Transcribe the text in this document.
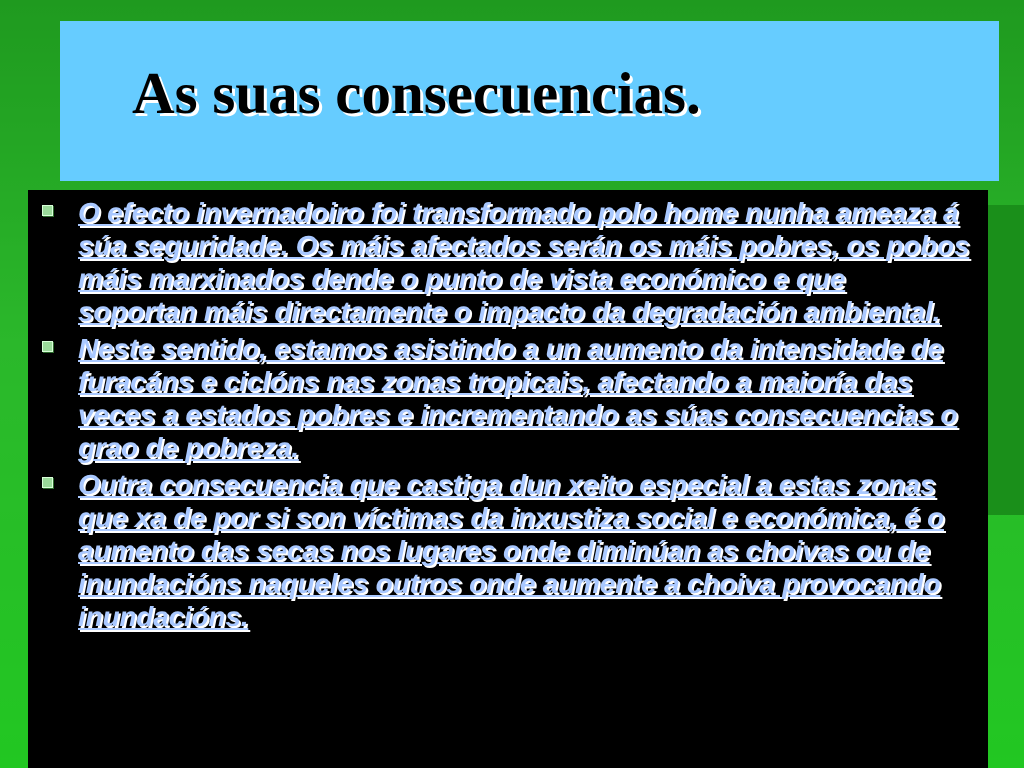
As suas consecuencias.
O efecto invernadoiro foi transformado polo home nunha ameaza á súa seguridade. Os máis afectados serán os máis pobres, os pobos máis marxinados dende o punto de vista económico e que soportan máis directamente o impacto da degradación ambiental.
Neste sentido, estamos asistindo a un aumento da intensidade de furacáns e ciclóns nas zonas tropicais, afectando a maioría das veces a estados pobres e incrementando as súas consecuencias o grao de pobreza.
Outra consecuencia que castiga dun xeito especial a estas zonas que xa de por si son víctimas da inxustiza social e económica, é o aumento das secas nos lugares onde diminúan as choivas ou de inundacións naqueles outros onde aumente a choiva provocando inundacións.
